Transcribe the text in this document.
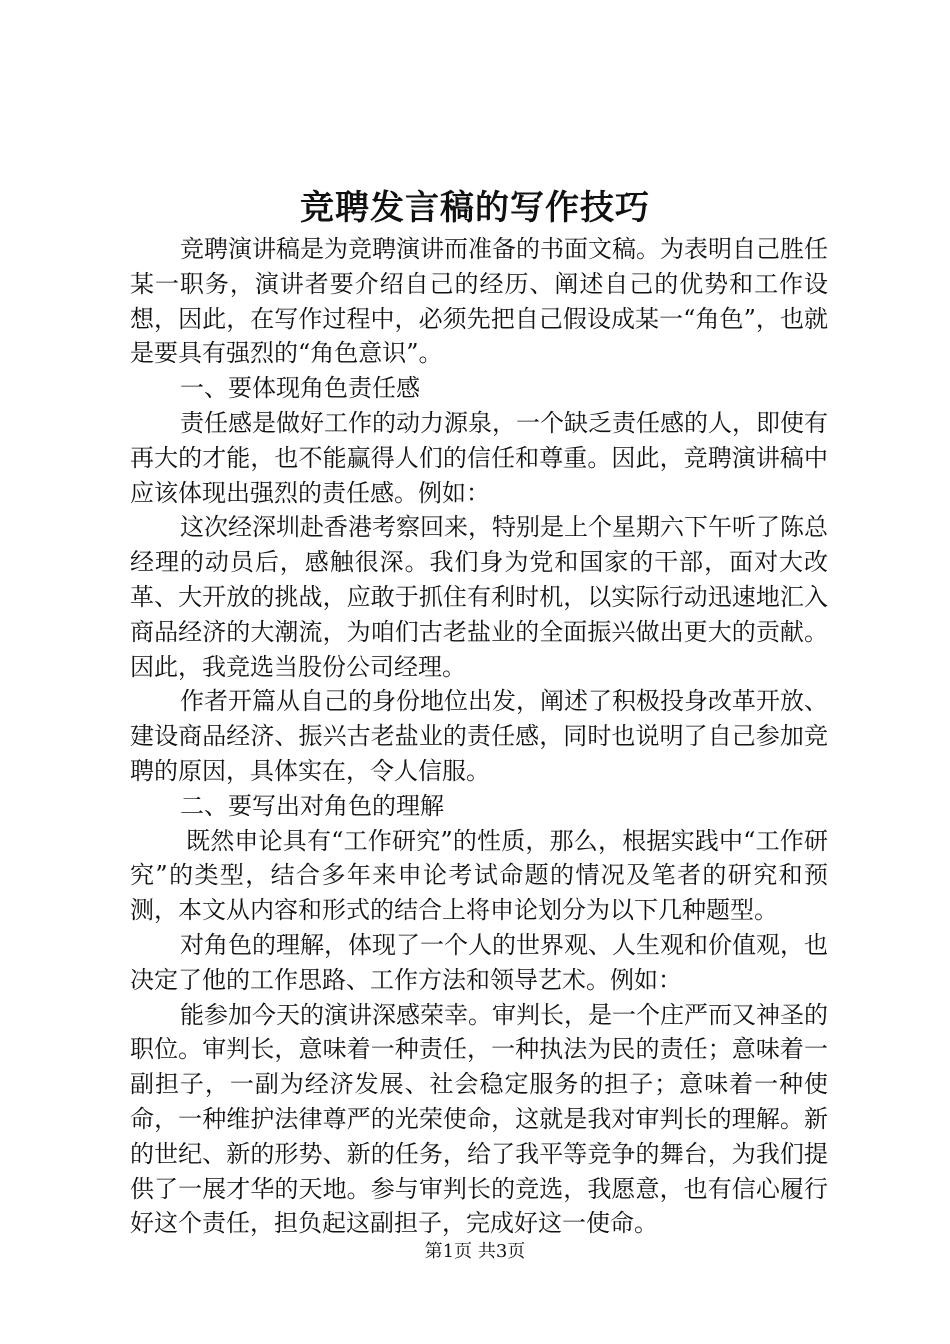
竞聘发言稿的写作技巧

竞聘演讲稿是为竞聘演讲而准备的书面文稿。为表明自己胜任某一职务，演讲者要介绍自己的经历、阐述自己的优势和工作设想，因此，在写作过程中，必须先把自己假设成某一“角色”，也就是要具有强烈的“角色意识”。

一、要体现角色责任感

责任感是做好工作的动力源泉，一个缺乏责任感的人，即使有再大的才能，也不能赢得人们的信任和尊重。因此，竞聘演讲稿中应该体现出强烈的责任感。例如：

这次经深圳赴香港考察回来，特别是上个星期六下午听了陈总经理的动员后，感触很深。我们身为党和国家的干部，面对大改革、大开放的挑战，应敢于抓住有利时机，以实际行动迅速地汇入商品经济的大潮流，为咱们古老盐业的全面振兴做出更大的贡献。因此，我竞选当股份公司经理。

作者开篇从自己的身份地位出发，阐述了积极投身改革开放、建设商品经济、振兴古老盐业的责任感，同时也说明了自己参加竞聘的原因，具体实在，令人信服。

二、要写出对角色的理解

既然申论具有“工作研究”的性质，那么，根据实践中“工作研究”的类型，结合多年来申论考试命题的情况及笔者的研究和预测，本文从内容和形式的结合上将申论划分为以下几种题型。

对角色的理解，体现了一个人的世界观、人生观和价值观，也决定了他的工作思路、工作方法和领导艺术。例如：

能参加今天的演讲深感荣幸。审判长，是一个庄严而又神圣的职位。审判长，意味着一种责任，一种执法为民的责任；意味着一副担子，一副为经济发展、社会稳定服务的担子；意味着一种使命，一种维护法律尊严的光荣使命，这就是我对审判长的理解。新的世纪、新的形势、新的任务，给了我平等竞争的舞台，为我们提供了一展才华的天地。参与审判长的竞选，我愿意，也有信心履行好这个责任，担负起这副担子，完成好这一使命。

第1页 共3页
